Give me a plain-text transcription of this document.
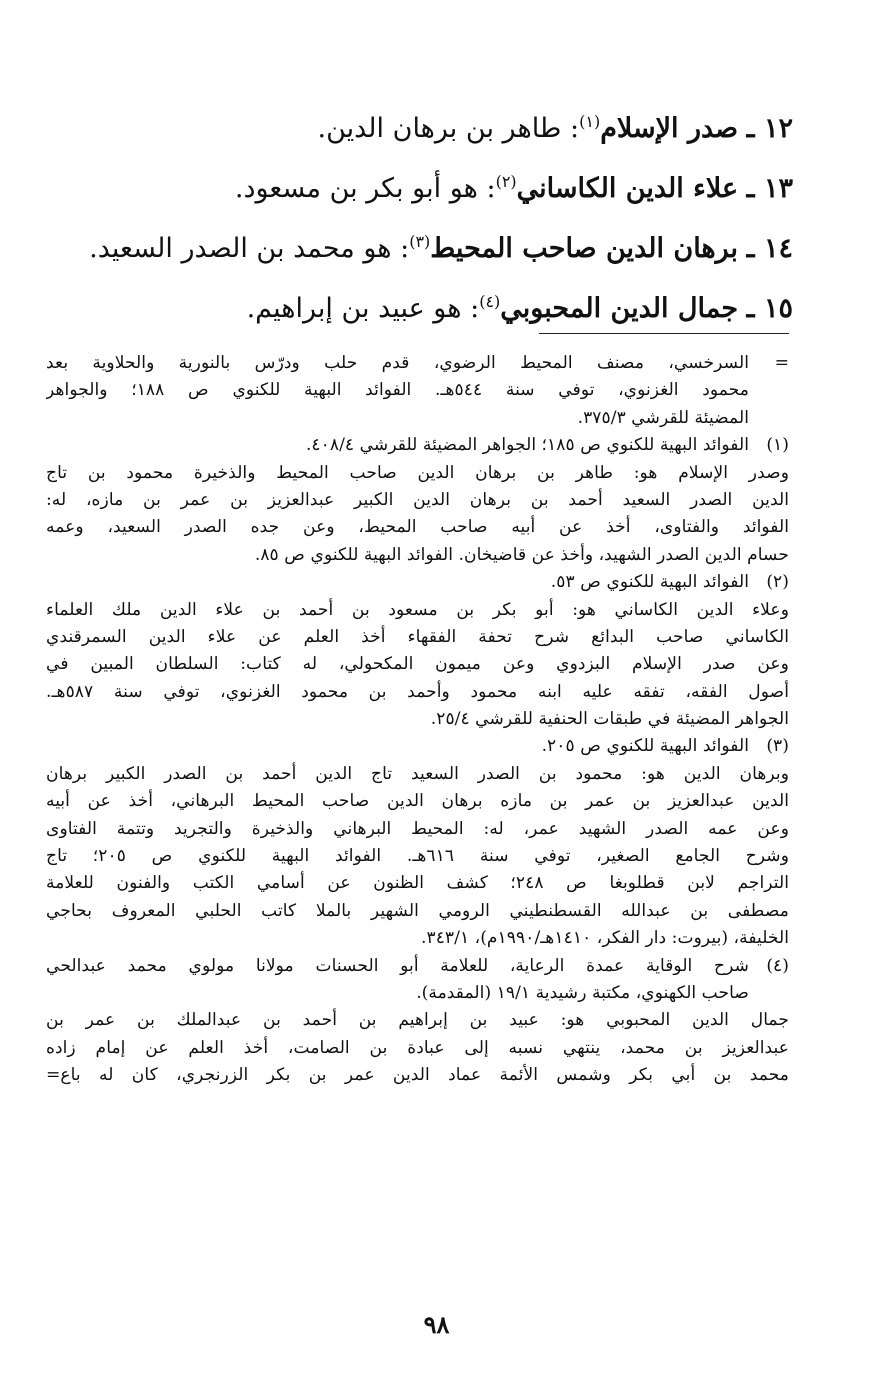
١٢ ـ صدر الإسلام$^{(١)}$: طاهر بن برهان الدين.
١٣ ـ علاء الدين الكاساني$^{(٢)}$: هو أبو بكر بن مسعود.
١٤ ـ برهان الدين صاحب المحيط$^{(٣)}$: هو محمد بن الصدر السعيد.
١٥ ـ جمال الدين المحبوبي$^{(٤)}$: هو عبيد بن إبراهيم.
=
السرخسي، مصنف المحيط الرضوي، قدم حلب ودرّس بالنورية والحلاوية بعد
محمود الغزنوي، توفي سنة ٥٤٤هـ. الفوائد البهية للكنوي ص ١٨٨؛ والجواهر
المضيئة للقرشي ٣٧٥/٣.
(١)
الفوائد البهية للكنوي ص ١٨٥؛ الجواهر المضيئة للقرشي ٤٠٨/٤.
وصدر الإسلام هو: طاهر بن برهان الدين صاحب المحيط والذخيرة محمود بن تاج
الدين الصدر السعيد أحمد بن برهان الدين الكبير عبدالعزيز بن عمر بن مازه، له:
الفوائد والفتاوى، أخذ عن أبيه صاحب المحيط، وعن جده الصدر السعيد، وعمه
حسام الدين الصدر الشهيد، وأخذ عن قاضيخان. الفوائد البهية للكنوي ص ٨٥.
(٢)
الفوائد البهية للكنوي ص ٥٣.
وعلاء الدين الكاساني هو: أبو بكر بن مسعود بن أحمد بن علاء الدين ملك العلماء
الكاساني صاحب البدائع شرح تحفة الفقهاء أخذ العلم عن علاء الدين السمرقندي
وعن صدر الإسلام البزدوي وعن ميمون المكحولي، له كتاب: السلطان المبين في
أصول الفقه، تفقه عليه ابنه محمود وأحمد بن محمود الغزنوي، توفي سنة ٥٨٧هـ.
الجواهر المضيئة في طبقات الحنفية للقرشي ٢٥/٤.
(٣)
الفوائد البهية للكنوي ص ٢٠٥.
وبرهان الدين هو: محمود بن الصدر السعيد تاج الدين أحمد بن الصدر الكبير برهان
الدين عبدالعزيز بن عمر بن مازه برهان الدين صاحب المحيط البرهاني، أخذ عن أبيه
وعن عمه الصدر الشهيد عمر، له: المحيط البرهاني والذخيرة والتجريد وتتمة الفتاوى
وشرح الجامع الصغير، توفي سنة ٦١٦هـ. الفوائد البهية للكنوي ص ٢٠٥؛ تاج
التراجم لابن قطلوبغا ص ٢٤٨؛ كشف الظنون عن أسامي الكتب والفنون للعلامة
مصطفى بن عبدالله القسطنطيني الرومي الشهير بالملا كاتب الحلبي المعروف بحاجي
الخليفة، (بيروت: دار الفكر، ١٤١٠هـ/١٩٩٠م)، ٣٤٣/١.
(٤)
شرح الوقاية عمدة الرعاية، للعلامة أبو الحسنات مولانا مولوي محمد عبدالحي
صاحب الكهنوي، مكتبة رشيدية ١٩/١ (المقدمة).
جمال الدين المحبوبي هو: عبيد بن إبراهيم بن أحمد بن عبدالملك بن عمر بن
عبدالعزيز بن محمد، ينتهي نسبه إلى عبادة بن الصامت، أخذ العلم عن إمام زاده
محمد بن أبي بكر وشمس الأئمة عماد الدين عمر بن بكر الزرنجري، كان له باع=
٩٨
